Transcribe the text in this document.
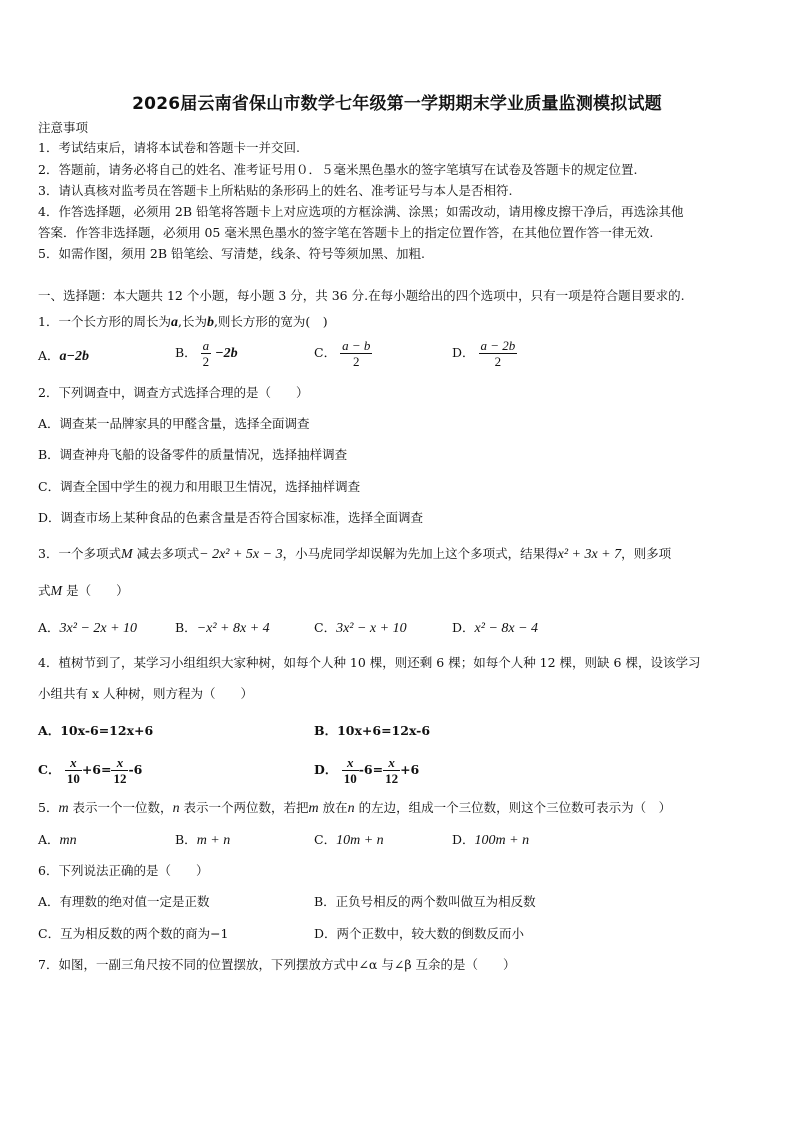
2026届云南省保山市数学七年级第一学期期末学业质量监测模拟试题
注意事项
1．考试结束后，请将本试卷和答题卡一并交回.
2．答题前，请务必将自己的姓名、准考证号用０．５毫米黑色墨水的签字笔填写在试卷及答题卡的规定位置.
3．请认真核对监考员在答题卡上所粘贴的条形码上的姓名、准考证号与本人是否相符.
4．作答选择题，必须用 2B 铅笔将答题卡上对应选项的方框涂满、涂黑；如需改动，请用橡皮擦干净后，再选涂其他
答案．作答非选择题，必须用 05 毫米黑色墨水的签字笔在答题卡上的指定位置作答，在其他位置作答一律无效.
5．如需作图，须用 2B 铅笔绘、写清楚，线条、符号等须加黑、加粗.
一、选择题：本大题共 12 个小题，每小题 3 分，共 36 分.在每小题给出的四个选项中，只有一项是符合题目要求的.
1．一个长方形的周长为a,长为b,则长方形的宽为(　)
A．a−2b	B． $\frac{a}{2} -2b$	C． $\frac{a - b}{2}$	D． $\frac{a - 2b}{2}$
2．下列调查中，调查方式选择合理的是（　　）
A．调查某一品牌家具的甲醛含量，选择全面调查
B．调查神舟飞船的设备零件的质量情况，选择抽样调查
C．调查全国中学生的视力和用眼卫生情况，选择抽样调查
D．调查市场上某种食品的色素含量是否符合国家标准，选择全面调查
3．一个多项式M 减去多项式− 2x² + 5x − 3，小马虎同学却误解为先加上这个多项式，结果得x² + 3x + 7，则多项
式M 是（　　）
A．3x² − 2x + 10	B．−x² + 8x + 4	C．3x² − x + 10	D．x² − 8x − 4
4．植树节到了，某学习小组组织大家种树，如每个人种 10 棵，则还剩 6 棵；如每个人种 12 棵，则缺 6 棵，设该学习
小组共有 x 人种树，则方程为（　　）
A．10x-6=12x+6	B．10x+6=12x-6
C． $\frac{x}{10} +6= \frac{x}{12} -6$	D． $\frac{x}{10} -6= \frac{x}{12} +6$
5．m 表示一个一位数，n 表示一个两位数，若把m 放在n 的左边，组成一个三位数，则这个三位数可表示为（　）
A．mn	B．m + n	C．10m + n	D．100m + n
6．下列说法正确的是（　　）
A．有理数的绝对值一定是正数	B．正负号相反的两个数叫做互为相反数
C．互为相反数的两个数的商为−1	D．两个正数中，较大数的倒数反而小
7．如图，一副三角尺按不同的位置摆放，下列摆放方式中∠α 与∠β 互余的是（　　）
